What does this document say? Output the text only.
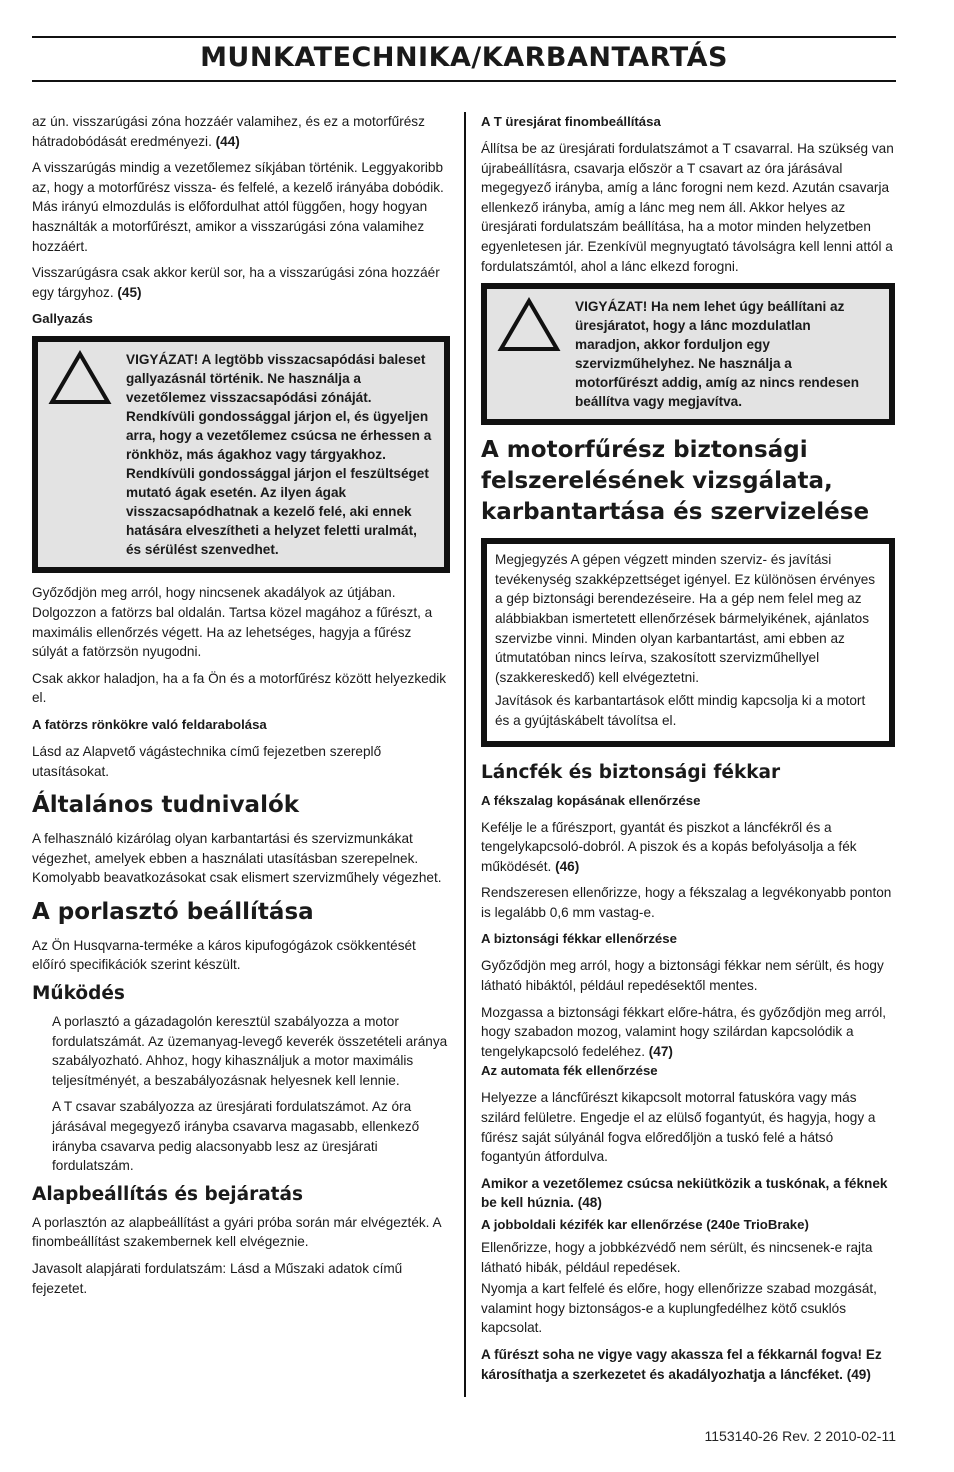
MUNKATECHNIKA/KARBANTARTÁS

az ún. visszarúgási zóna hozzáér valamihez, és ez a motorfűrész hátradobódását eredményezi. (44)

A visszarúgás mindig a vezetőlemez síkjában történik. Leggyakoribb az, hogy a motorfűrész vissza- és felfelé, a kezelő irányába dobódik. Más irányú elmozdulás is előfordulhat attól függően, hogy hogyan használták a motorfűrészt, amikor a visszarúgási zóna valamihez hozzáért.

Visszarúgásra csak akkor kerül sor, ha a visszarúgási zóna hozzáér egy tárgyhoz. (45)

Gallyazás
VIGYÁZAT! A legtöbb visszacsapódási baleset gallyazásnál történik. Ne használja a vezetőlemez visszacsapódási zónáját. Rendkívüli gondossággal járjon el, és ügyeljen arra, hogy a vezetőlemez csúcsa ne érhessen a rönkhöz, más ágakhoz vagy tárgyakhoz. Rendkívüli gondossággal járjon el feszültséget mutató ágak esetén. Az ilyen ágak visszacsapódhatnak a kezelő felé, aki ennek hatására elveszítheti a helyzet feletti uralmát, és sérülést szenvedhet.

Győződjön meg arról, hogy nincsenek akadályok az útjában. Dolgozzon a fatörzs bal oldalán. Tartsa közel magához a fűrészt, a maximális ellenőrzés végett. Ha az lehetséges, hagyja a fűrész súlyát a fatörzsön nyugodni.

Csak akkor haladjon, ha a fa Ön és a motorfűrész között helyezkedik el.

A fatörzs rönkökre való feldarabolása

Lásd az Alapvető vágástechnika című fejezetben szereplő utasításokat.

Általános tudnivalók

A felhasználó kizárólag olyan karbantartási és szervizmunkákat végezhet, amelyek ebben a használati utasításban szerepelnek. Komolyabb beavatkozásokat csak elismert szervizműhely végezhet.

A porlasztó beállítása

Az Ön Husqvarna-terméke a káros kipufogógázok csökkentését előíró specifikációk szerint készült.

Működés

A porlasztó a gázadagolón keresztül szabályozza a motor fordulatszámát. Az üzemanyag-levegő keverék összetételi aránya szabályozható. Ahhoz, hogy kihasználjuk a motor maximális teljesítményét, a beszabályozásnak helyesnek kell lennie.

A T csavar szabályozza az üresjárati fordulatszámot. Az óra járásával megegyező irányba csavarva magasabb, ellenkező irányba csavarva pedig alacsonyabb lesz az üresjárati fordulatszám.

Alapbeállítás és bejáratás

A porlasztón az alapbeállítást a gyári próba során már elvégezték. A finombeállítást szakembernek kell elvégeznie.

Javasolt alapjárati fordulatszám: Lásd a Műszaki adatok című fejezetet.

A T üresjárat finombeállítása

Állítsa be az üresjárati fordulatszámot a T csavarral. Ha szükség van újrabeállításra, csavarja először a T csavart az óra járásával megegyező irányba, amíg a lánc forogni nem kezd. Azután csavarja ellenkező irányba, amíg a lánc meg nem áll. Akkor helyes az üresjárati fordulatszám beállítása, ha a motor minden helyzetben egyenletesen jár. Ezenkívül megnyugtató távolságra kell lenni attól a fordulatszámtól, ahol a lánc elkezd forogni.

VIGYÁZAT! Ha nem lehet úgy beállítani az üresjáratot, hogy a lánc mozdulatlan maradjon, akkor forduljon egy szervizműhelyhez. Ne használja a motorfűrészt addig, amíg az nincs rendesen beállítva vagy megjavítva.
A motorfűrész biztonsági felszerelésének vizsgálata, karbantartása és szervizelése

Megjegyzés A gépen végzett minden szerviz- és javítási tevékenység szakképzettséget igényel. Ez különösen érvényes a gép biztonsági berendezéseire. Ha a gép nem felel meg az alábbiakban ismertetett ellenőrzések bármelyikének, ajánlatos szervizbe vinni. Minden olyan karbantartást, ami ebben az útmutatóban nincs leírva, szakosított szervizműhellyel (szakkereskedő) kell elvégeztetni.

Javítások és karbantartások előtt mindig kapcsolja ki a motort és a gyújtáskábelt távolítsa el.

Láncfék és biztonsági fékkar
A fékszalag kopásának ellenőrzése

Kefélje le a fűrészport, gyantát és piszkot a láncfékről és a tengelykapcsoló-dobról. A piszok és a kopás befolyásolja a fék működését. (46)

Rendszeresen ellenőrizze, hogy a fékszalag a legvékonyabb ponton is legalább 0,6 mm vastag-e.

A biztonsági fékkar ellenőrzése

Győződjön meg arról, hogy a biztonsági fékkar nem sérült, és hogy látható hibáktól, például repedésektől mentes.

Mozgassa a biztonsági fékkart előre-hátra, és győződjön meg arról, hogy szabadon mozog, valamint hogy szilárdan kapcsolódik a tengelykapcsoló fedeléhez. (47)

Az automata fék ellenőrzése

Helyezze a láncfűrészt kikapcsolt motorral fatuskóra vagy más szilárd felületre. Engedje el az elülső fogantyút, és hagyja, hogy a fűrész saját súlyánál fogva előredőljön a tuskó felé a hátsó fogantyún átfordulva.

Amikor a vezetőlemez csúcsa nekiütközik a tuskónak, a féknek be kell húznia. (48)

A jobboldali kézifék kar ellenőrzése (240e TrioBrake)

Ellenőrizze, hogy a jobbkézvédő nem sérült, és nincsenek-e rajta látható hibák, például repedések.

Nyomja a kart felfelé és előre, hogy ellenőrizze szabad mozgását, valamint hogy biztonságos-e a kuplungfedélhez kötő csuklós kapcsolat.

A fűrészt soha ne vigye vagy akassza fel a fékkarnál fogva! Ez károsíthatja a szerkezetet és akadályozhatja a láncféket. (49)

1153140-26 Rev. 2 2010-02-11
